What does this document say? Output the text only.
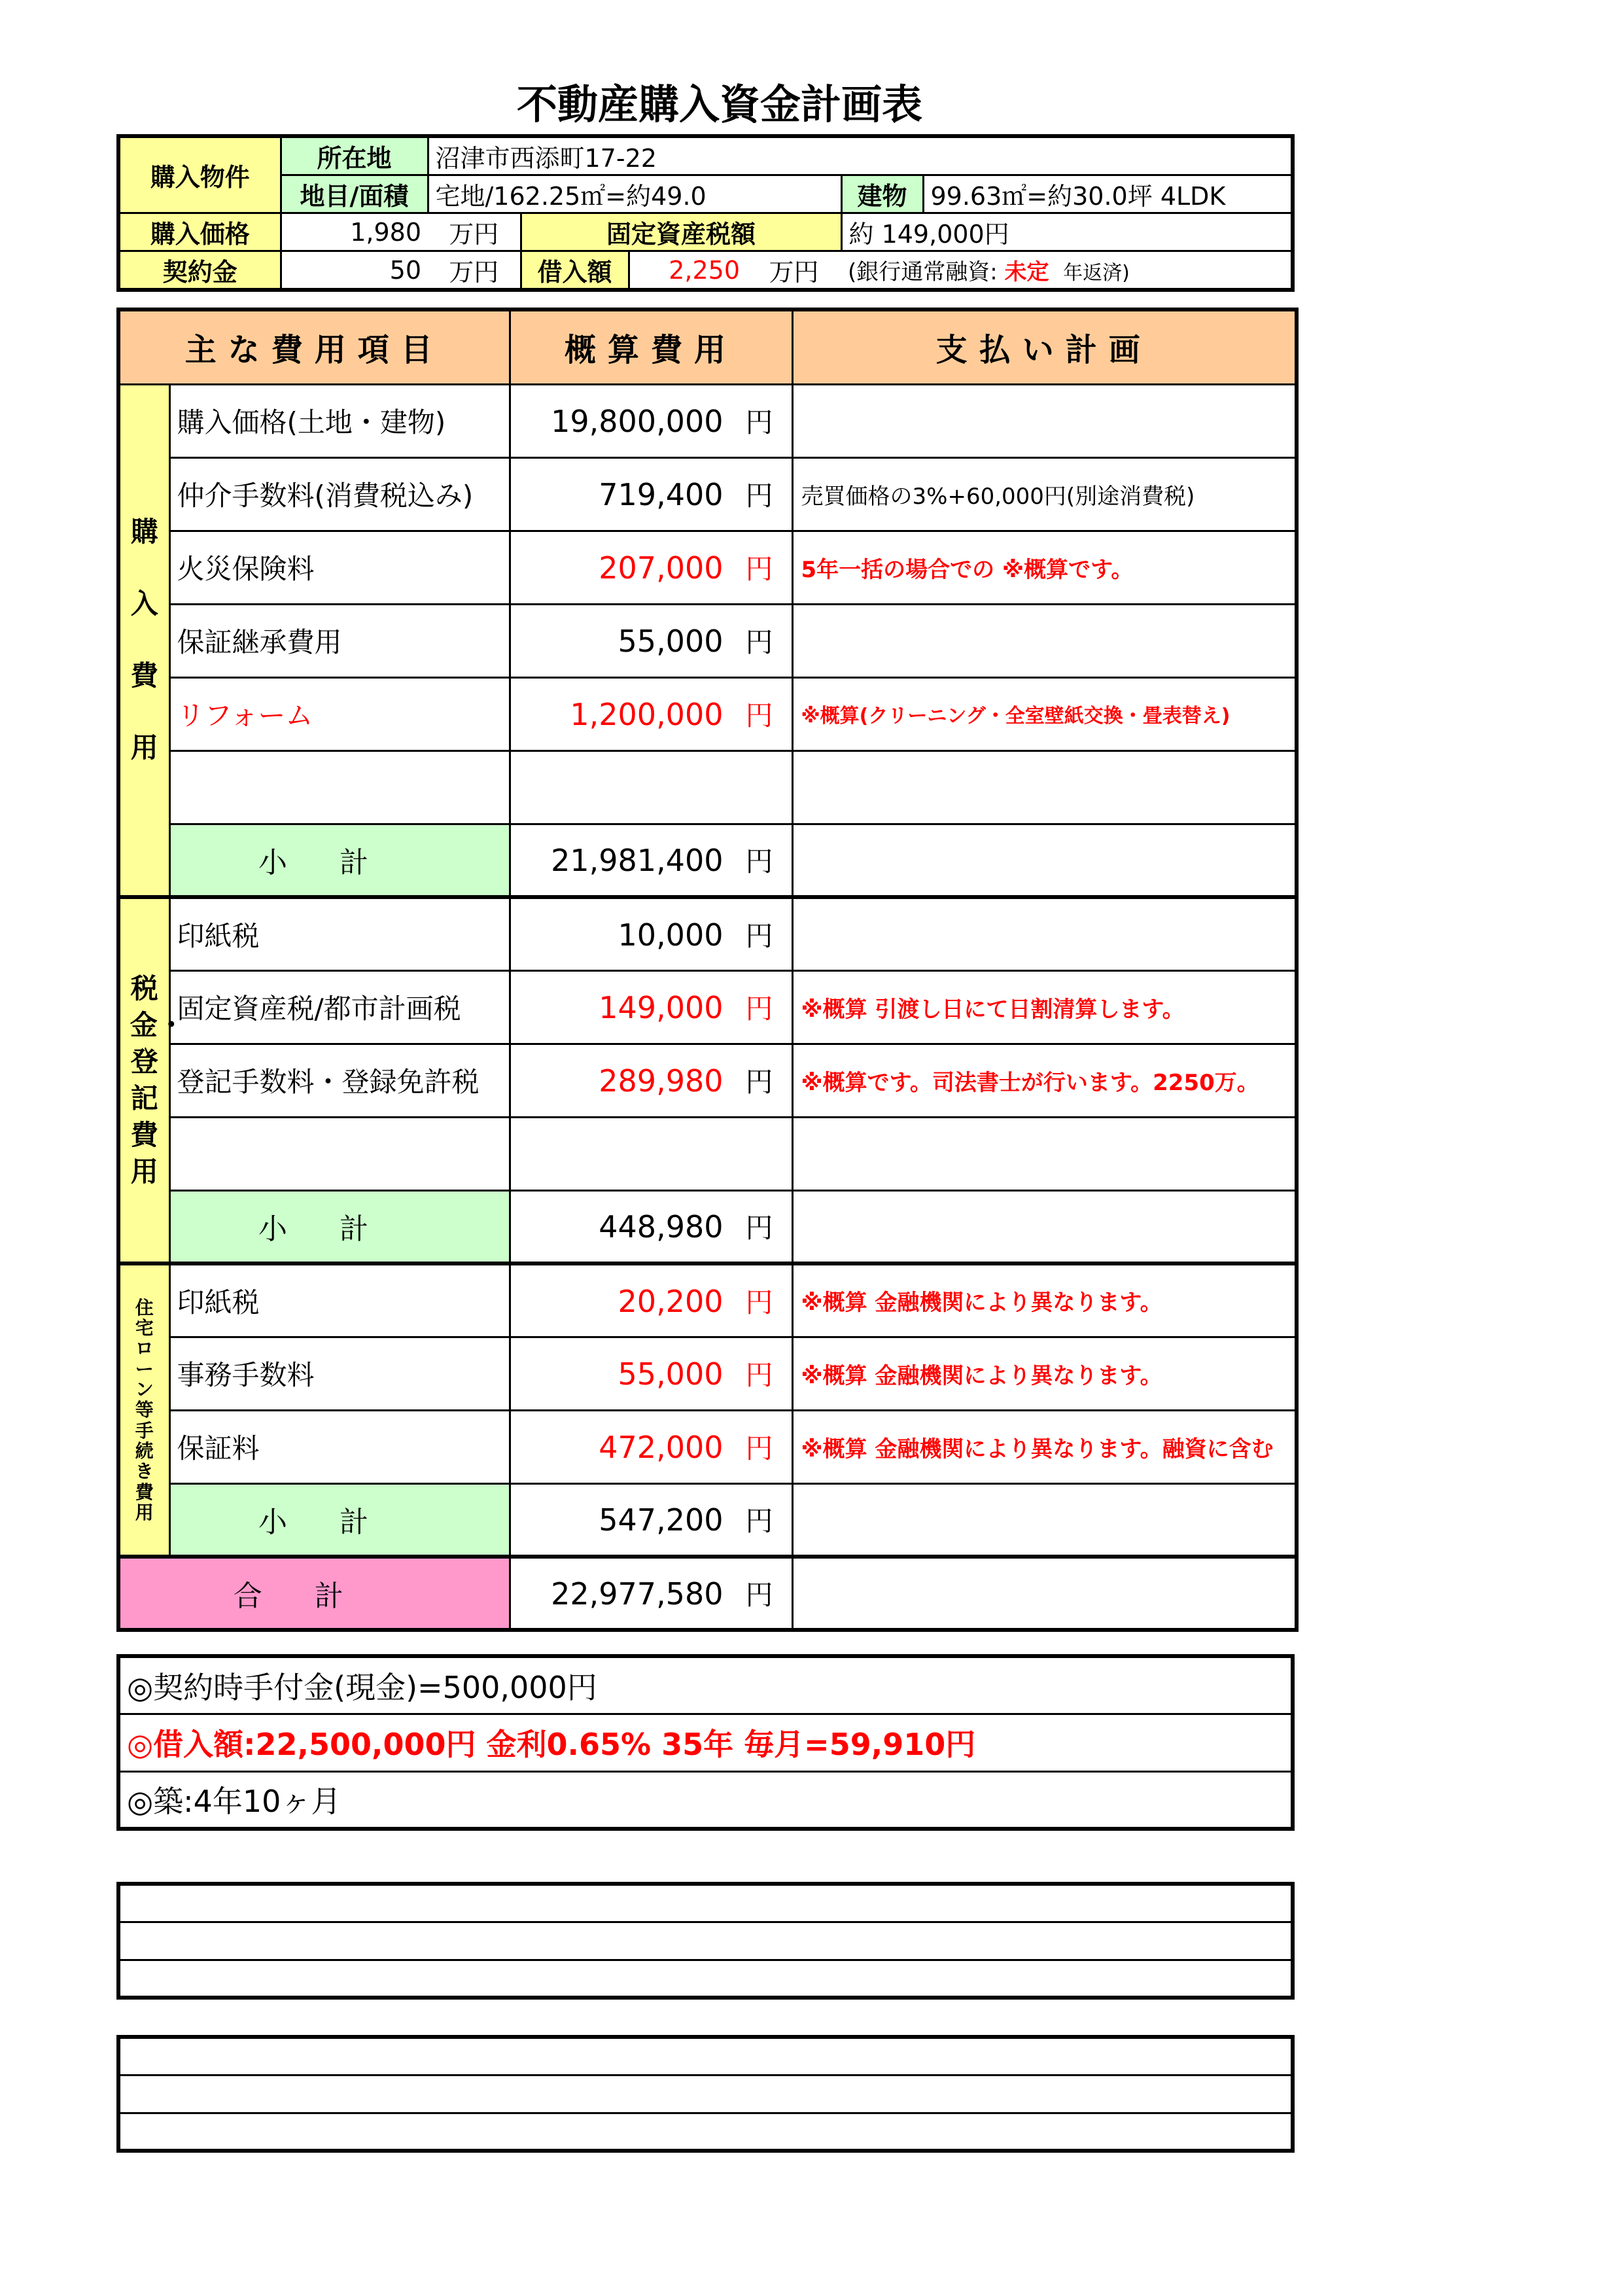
不動産購入資金計画表
購入物件	所在地	沼津市西添町17-22					
	地目/面積	宅地/162.25㎡=約49.0				建物	99.63㎡=約30.0坪 4LDK
購入価格	1,980	万円	固定資産税額			約 149,000円	
契約金	50	万円	借入額	2,250	万円	(銀行通常融資: 未定 年返済)	
主な費用項目		概算費用	支払い計画

購入費用	購入価格(土地・建物)	19,800,000 円	
	仲介手数料(消費税込み)	719,400 円	売買価格の3%+60,000円(別途消費税)
	火災保険料	207,000 円	5年一括の場合での ※概算です。
	保証継承費用	55,000 円	
	リフォーム	1,200,000 円	※概算(クリーニング・全室壁紙交換・畳表替え)

	小計	21,981,400 円	

税金・登記費用	印紙税	10,000 円	
	固定資産税/都市計画税	149,000 円	※概算 引渡し日にて日割清算します。
	登記手数料・登録免許税	289,980 円	※概算です。司法書士が行います。2250万。

	小計	448,980 円	

住宅ローン等手続き費用	印紙税	20,200 円	※概算 金融機関により異なります。
	事務手数料	55,000 円	※概算 金融機関により異なります。
	保証料	472,000 円	※概算 金融機関により異なります。融資に含む
	小計	547,200 円	
合計		22,977,580 円	
◎契約時手付金(現金)=500,000円
◎借入額:22,500,000円 金利0.65% 35年 毎月=59,910円
◎築:4年10ヶ月
